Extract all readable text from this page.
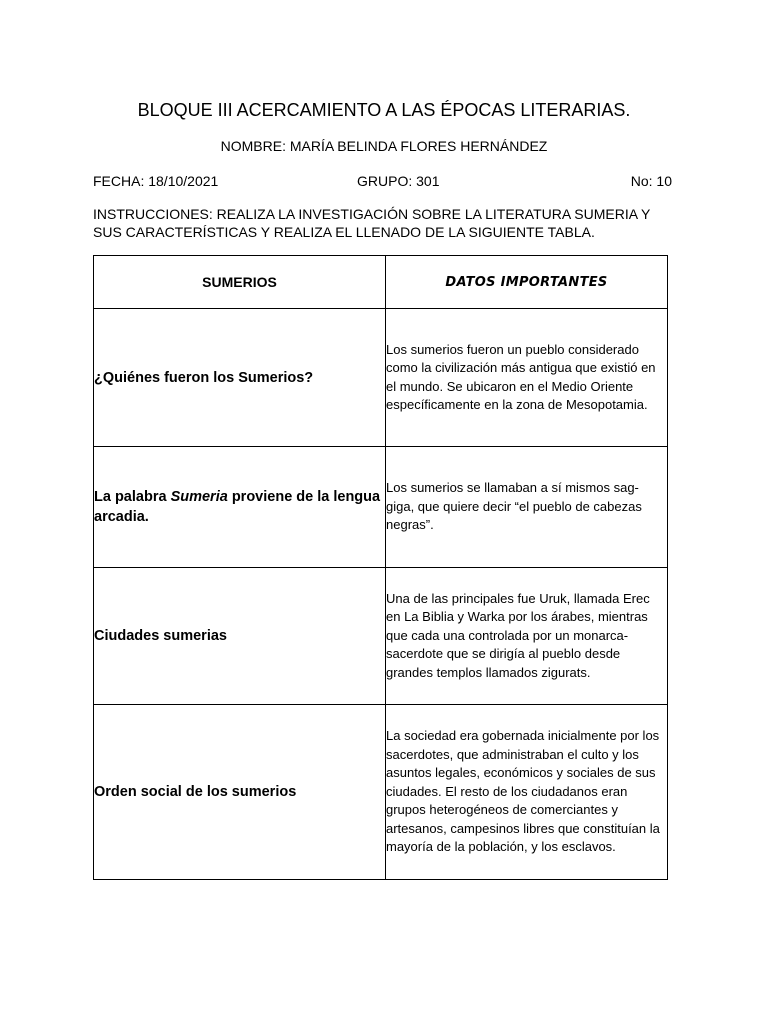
BLOQUE III ACERCAMIENTO A LAS ÉPOCAS LITERARIAS.
NOMBRE: MARÍA BELINDA FLORES HERNÁNDEZ
FECHA: 18/10/2021	GRUPO: 301	No: 10
INSTRUCCIONES: REALIZA LA INVESTIGACIÓN SOBRE LA LITERATURA SUMERIA Y SUS CARACTERÍSTICAS Y REALIZA EL LLENADO DE LA SIGUIENTE TABLA.
SUMERIOS	DATOS IMPORTANTES
¿Quiénes fueron los Sumerios?	Los sumerios fueron un pueblo considerado como la civilización más antigua que existió en el mundo. Se ubicaron en el Medio Oriente específicamente en la zona de Mesopotamia.
La palabra Sumeria proviene de la lengua arcadia.	Los sumerios se llamaban a sí mismos sag-giga, que quiere decir “el pueblo de cabezas negras”.
Ciudades sumerias	Una de las principales fue Uruk, llamada Erec en La Biblia y Warka por los árabes, mientras que cada una controlada por un monarca-sacerdote que se dirigía al pueblo desde grandes templos llamados zigurats.
Orden social de los sumerios	La sociedad era gobernada inicialmente por los sacerdotes, que administraban el culto y los asuntos legales, económicos y sociales de sus ciudades. El resto de los ciudadanos eran grupos heterogéneos de comerciantes y artesanos, campesinos libres que constituían la mayoría de la población, y los esclavos.
